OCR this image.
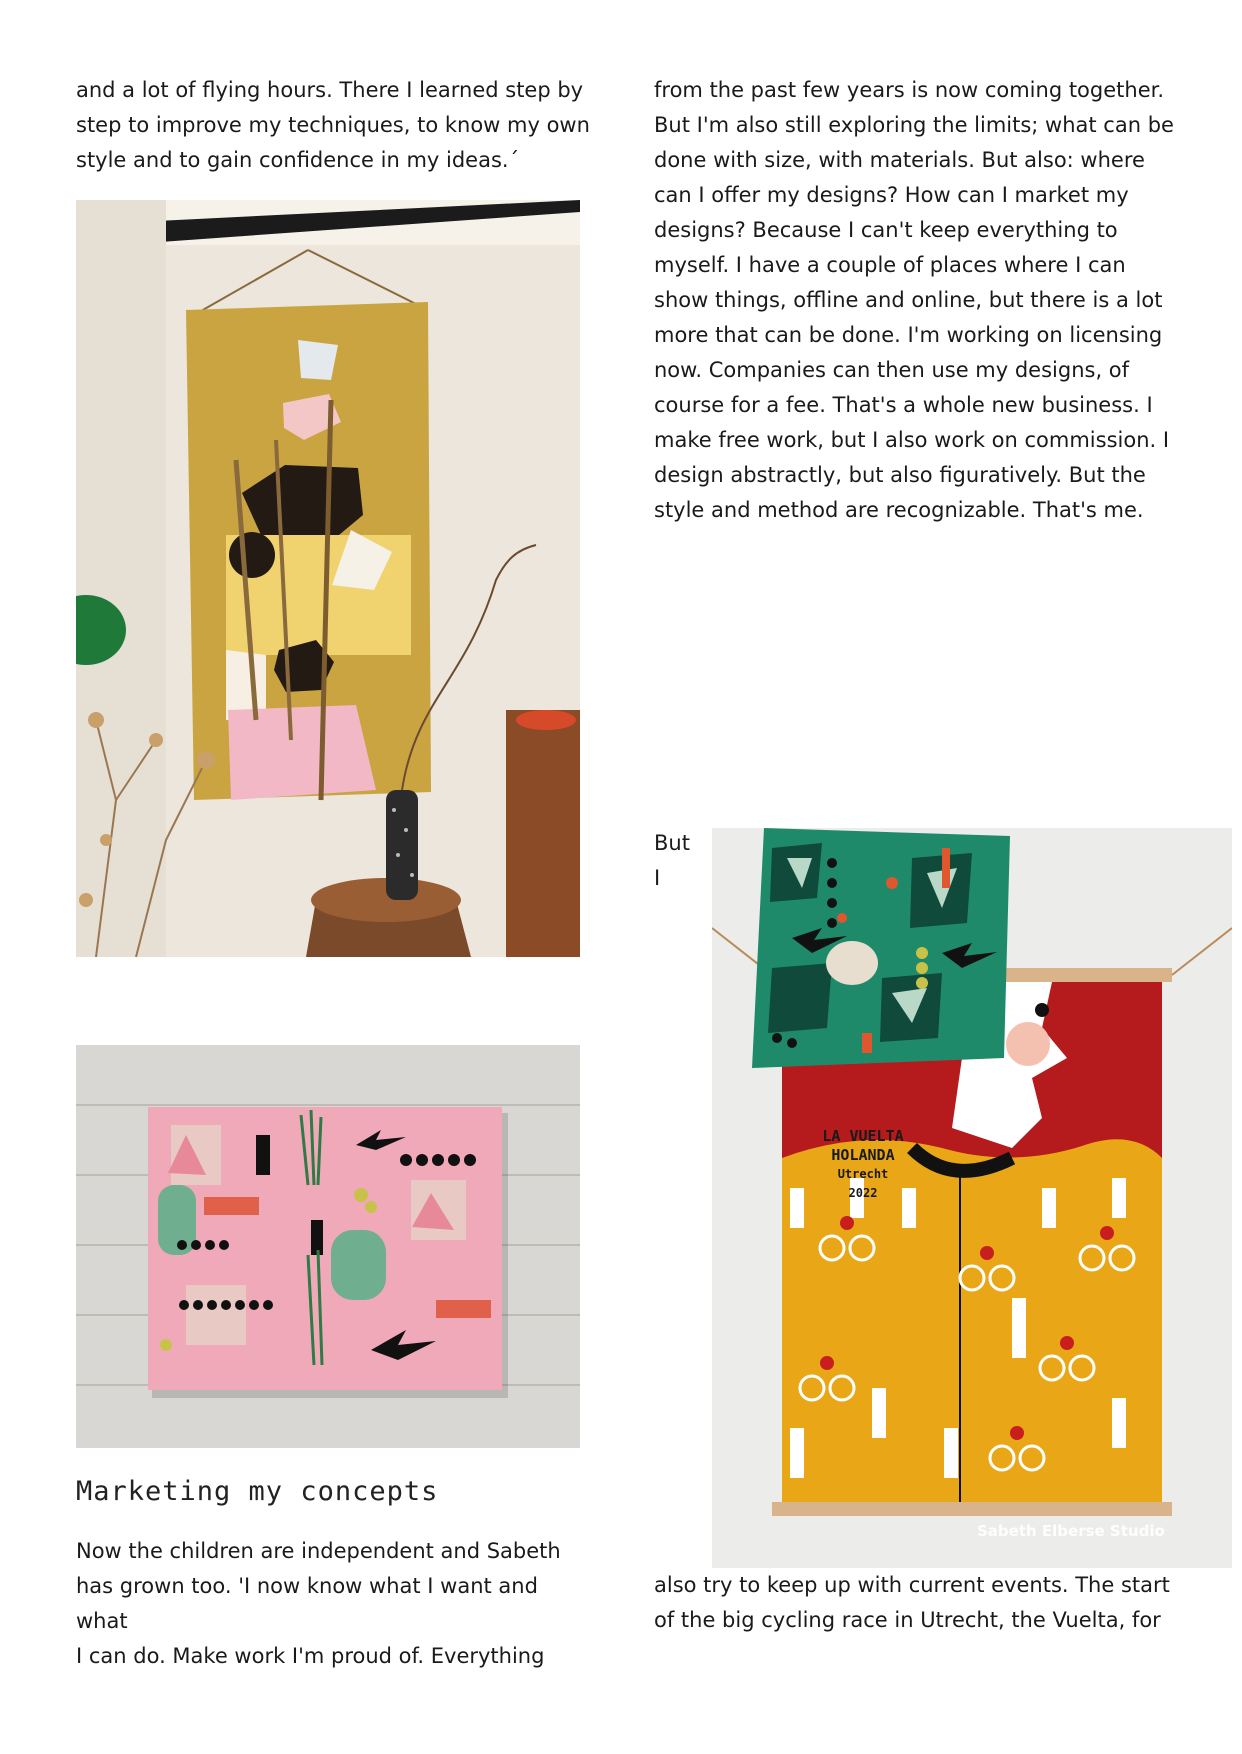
and a lot of flying hours. There I learned step by
step to improve my techniques, to know my own
style and to gain confidence in my ideas.´

Marketing my concepts

Now the children are independent and Sabeth
has grown too. 'I now know what I want and what
I can do. Make work I'm proud of. Everything

from the past few years is now coming together.
But I'm also still exploring the limits; what can be
done with size, with materials. But also: where
can I offer my designs? How can I market my
designs? Because I can't keep everything to
myself. I have a couple of places where I can
show things, offline and online, but there is a lot
more that can be done. I'm working on licensing
now. Companies can then use my designs, of
course for a fee. That's a whole new business. I
make free work, but I also work on commission. I
design abstractly, but also figuratively. But the
style and method are recognizable. That's me.

But
I

LA VUELTA
HOLANDA
Utrecht
2022
Sabeth Elberse Studio

also try to keep up with current events. The start
of the big cycling race in Utrecht, the Vuelta, for
